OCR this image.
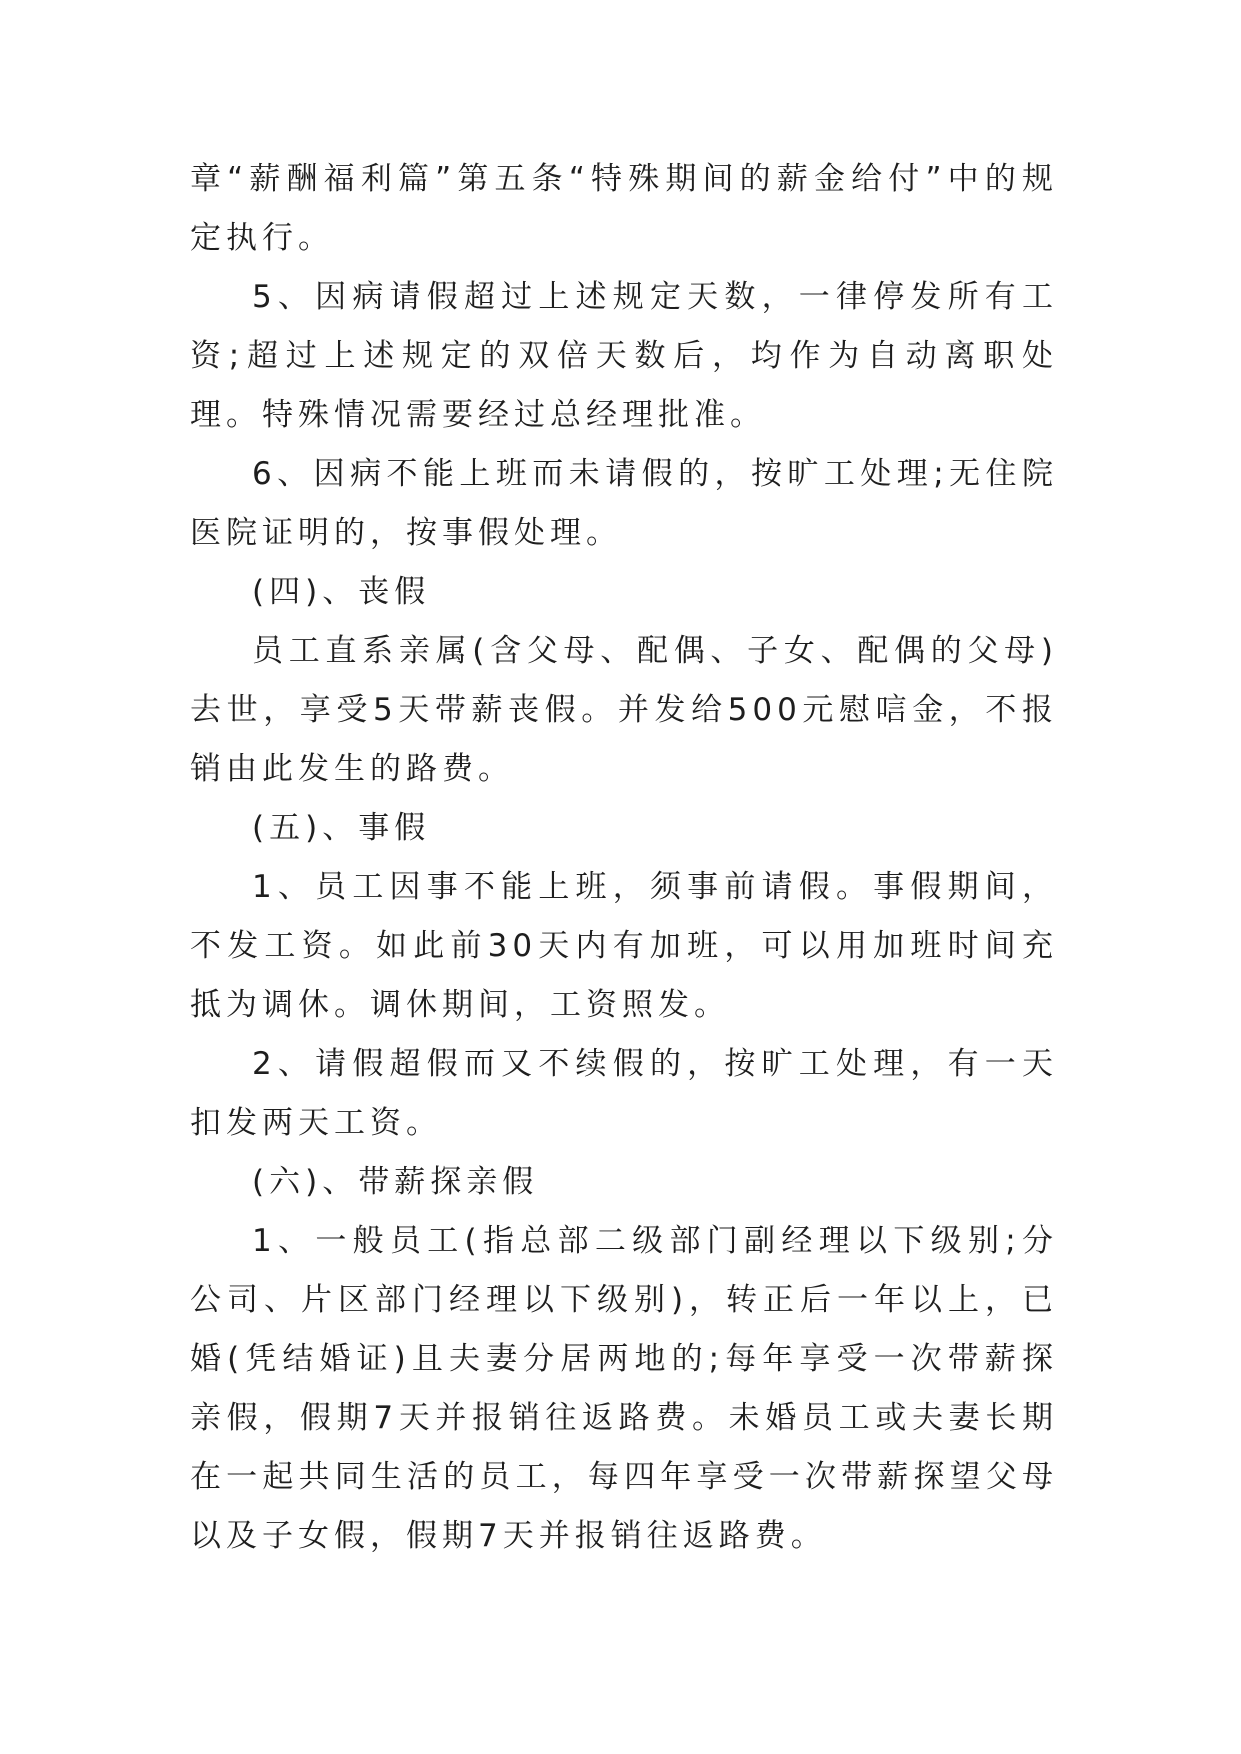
章“薪酬福利篇”第五条“特殊期间的薪金给付”中的规定执行。

5、因病请假超过上述规定天数，一律停发所有工资;超过上述规定的双倍天数后，均作为自动离职处理。特殊情况需要经过总经理批准。

6、因病不能上班而未请假的，按旷工处理;无住院医院证明的，按事假处理。

(四)、丧假

员工直系亲属(含父母、配偶、子女、配偶的父母)去世，享受5天带薪丧假。并发给500元慰唁金，不报销由此发生的路费。

(五)、事假

1、员工因事不能上班，须事前请假。事假期间，不发工资。如此前30天内有加班，可以用加班时间充抵为调休。调休期间，工资照发。

2、请假超假而又不续假的，按旷工处理，有一天扣发两天工资。

(六)、带薪探亲假

1、一般员工(指总部二级部门副经理以下级别;分公司、片区部门经理以下级别)，转正后一年以上，已婚(凭结婚证)且夫妻分居两地的;每年享受一次带薪探亲假，假期7天并报销往返路费。未婚员工或夫妻长期在一起共同生活的员工，每四年享受一次带薪探望父母以及子女假，假期7天并报销往返路费。
